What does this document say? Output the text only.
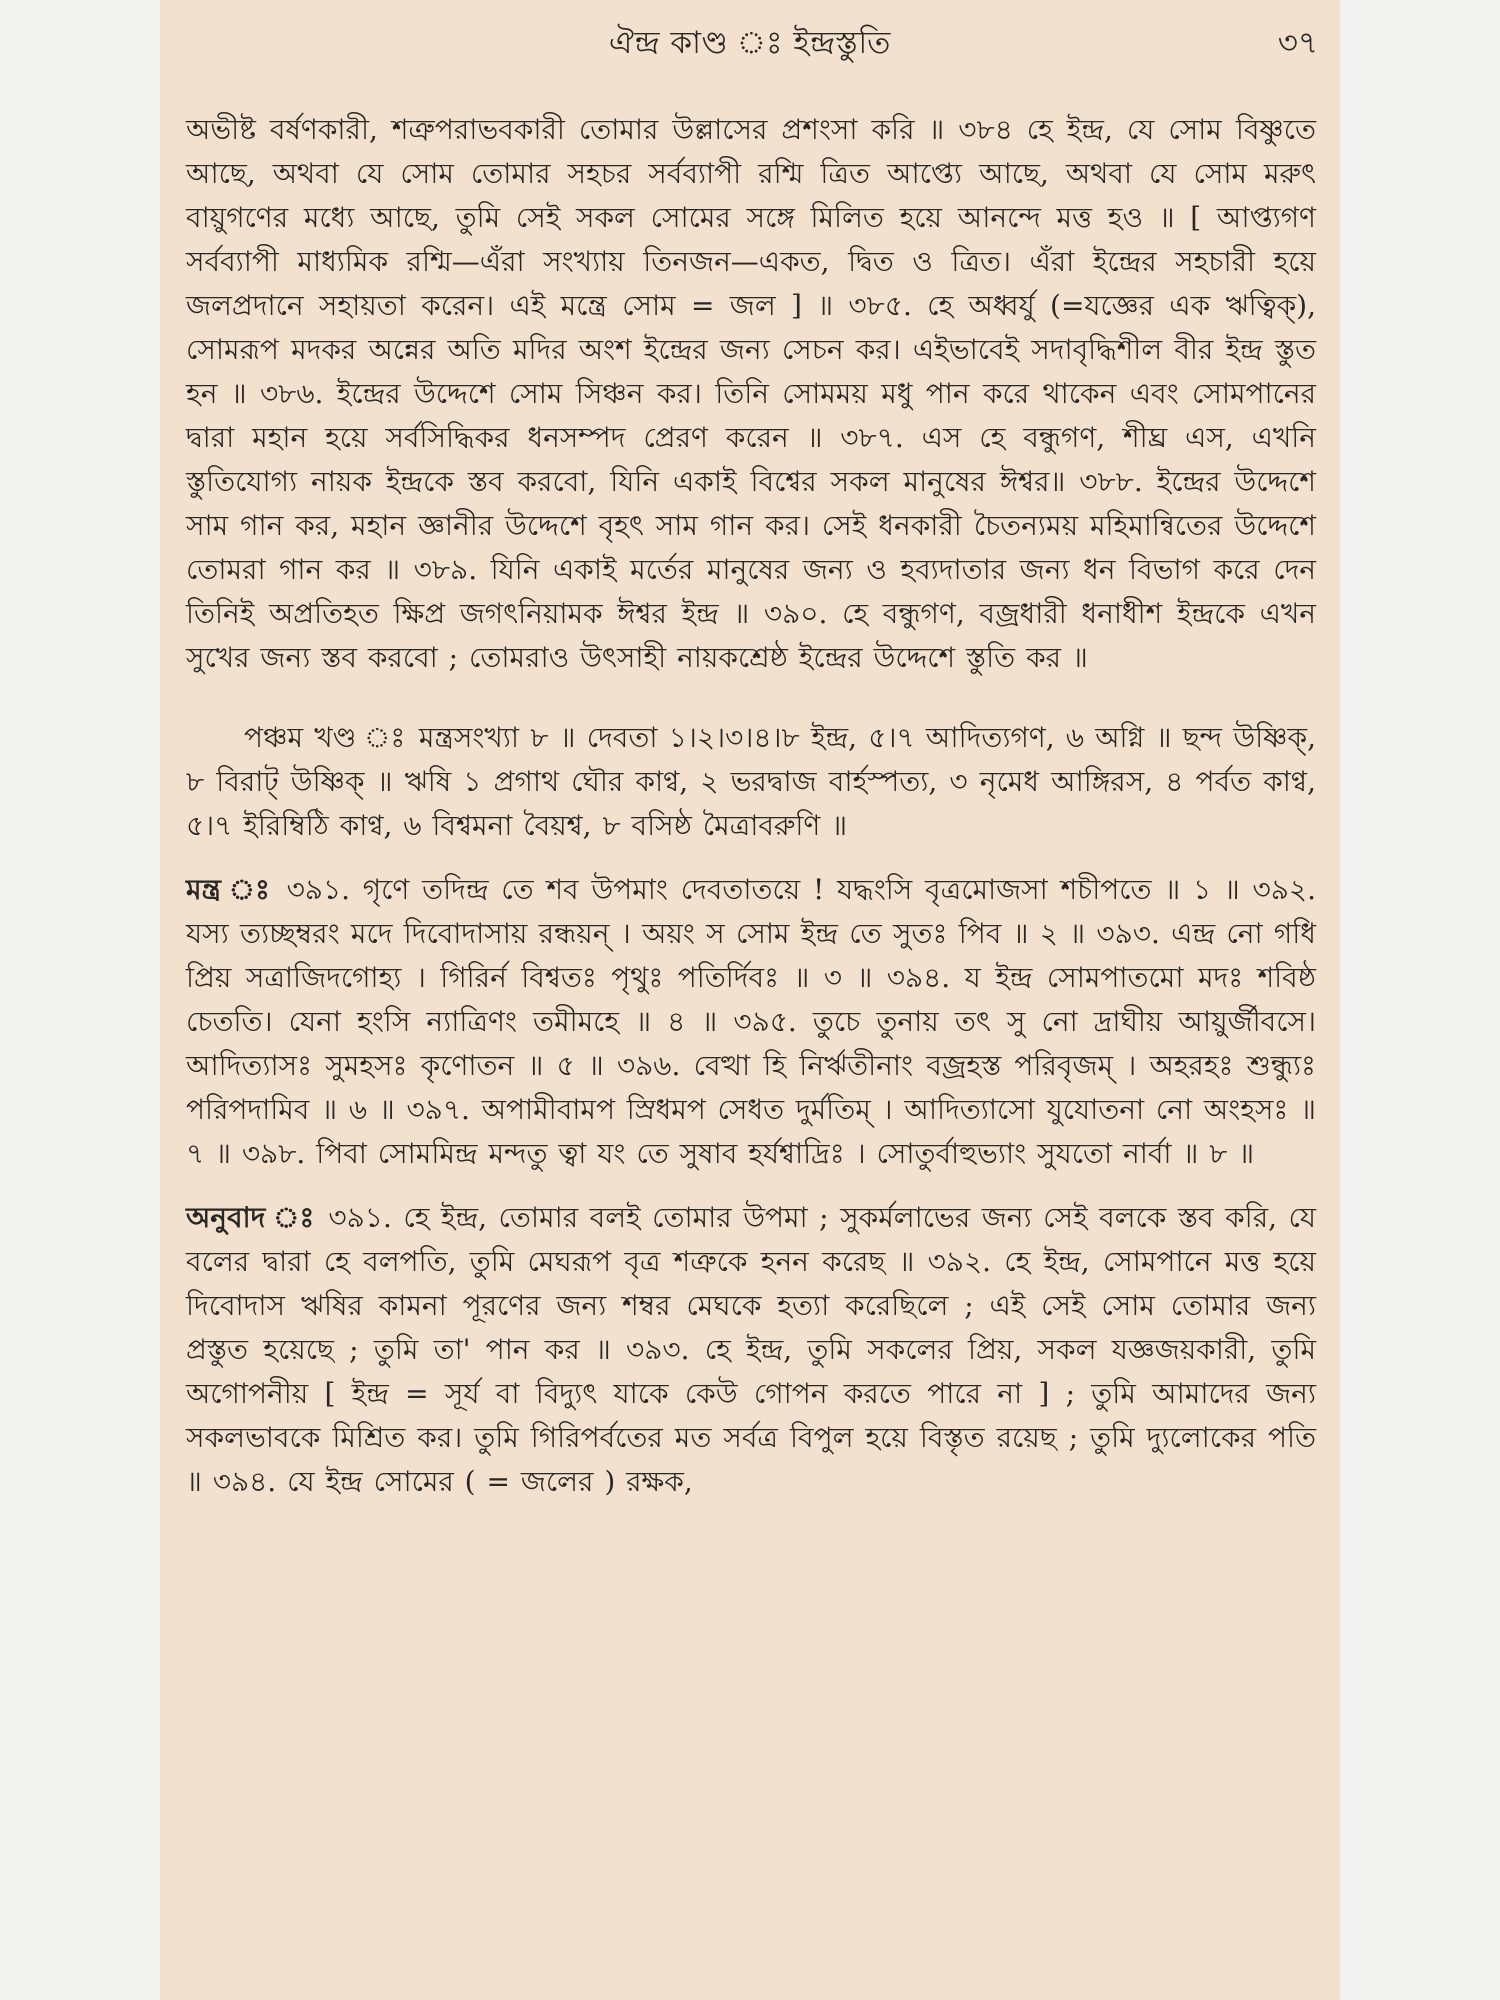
ঐন্দ্র কাণ্ড ঃ ইন্দ্রস্তুতি	৩৭

অভীষ্ট বর্ষণকারী, শত্রুপরাভবকারী তোমার উল্লাসের প্রশংসা করি ॥ ৩৮৪ হে ইন্দ্র, যে সোম বিষ্ণুতে আছে, অথবা যে সোম তোমার সহচর সর্বব্যাপী রশ্মি ত্রিত আপ্ত্যে আছে, অথবা যে সোম মরুৎ বায়ুগণের মধ্যে আছে, তুমি সেই সকল সোমের সঙ্গে মিলিত হয়ে আনন্দে মত্ত হও ॥ [ আপ্ত্যগণ সর্বব্যাপী মাধ্যমিক রশ্মি—এঁরা সংখ্যায় তিনজন—একত, দ্বিত ও ত্রিত। এঁরা ইন্দ্রের সহচারী হয়ে জলপ্রদানে সহায়তা করেন। এই মন্ত্রে সোম = জল ] ॥ ৩৮৫. হে অধ্বর্যু (=যজ্ঞের এক ঋত্বিক্), সোমরূপ মদকর অন্নের অতি মদির অংশ ইন্দ্রের জন্য সেচন কর। এইভাবেই সদাবৃদ্ধিশীল বীর ইন্দ্র স্তুত হন ॥ ৩৮৬. ইন্দ্রের উদ্দেশে সোম সিঞ্চন কর। তিনি সোমময় মধু পান করে থাকেন এবং সোমপানের দ্বারা মহান হয়ে সর্বসিদ্ধিকর ধনসম্পদ প্রেরণ করেন ॥ ৩৮৭. এস হে বন্ধুগণ, শীঘ্র এস, এখনি স্তুতিযোগ্য নায়ক ইন্দ্রকে স্তব করবো, যিনি একাই বিশ্বের সকল মানুষের ঈশ্বর॥ ৩৮৮. ইন্দ্রের উদ্দেশে সাম গান কর, মহান জ্ঞানীর উদ্দেশে বৃহৎ সাম গান কর। সেই ধনকারী চৈতন্যময় মহিমান্বিতের উদ্দেশে তোমরা গান কর ॥ ৩৮৯. যিনি একাই মর্তের মানুষের জন্য ও হব্যদাতার জন্য ধন বিভাগ করে দেন তিনিই অপ্রতিহত ক্ষিপ্র জগৎনিয়ামক ঈশ্বর ইন্দ্র ॥ ৩৯০. হে বন্ধুগণ, বজ্রধারী ধনাধীশ ইন্দ্রকে এখন সুখের জন্য স্তব করবো ; তোমরাও উৎসাহী নায়কশ্রেষ্ঠ ইন্দ্রের উদ্দেশে স্তুতি কর ॥

পঞ্চম খণ্ড ঃ মন্ত্রসংখ্যা ৮ ॥ দেবতা ১।২।৩।৪।৮ ইন্দ্র, ৫।৭ আদিত্যগণ, ৬ অগ্নি ॥ ছন্দ উষ্ণিক্, ৮ বিরাট্ উষ্ণিক্ ॥ ঋষি ১ প্রগাথ ঘৌর কাণ্ব, ২ ভরদ্বাজ বার্হস্পত্য, ৩ নৃমেধ আঙ্গিরস, ৪ পর্বত কাণ্ব, ৫।৭ ইরিম্বিঠি কাণ্ব, ৬ বিশ্বমনা বৈয়শ্ব, ৮ বসিষ্ঠ মৈত্রাবরুণি ॥

মন্ত্র ঃ ৩৯১. গৃণে তদিন্দ্র তে শব উপমাং দেবতাতয়ে ! যদ্ধংসি বৃত্রমোজসা শচীপতে ॥ ১ ॥ ৩৯২. যস্য ত্যচ্ছম্বরং মদে দিবোদাসায় রন্ধয়ন্ । অয়ং স সোম ইন্দ্র তে সুতঃ পিব ॥ ২ ॥ ৩৯৩. এন্দ্র নো গধি প্রিয় সত্রাজিদগোহ্য । গিরির্ন বিশ্বতঃ পৃথুঃ পতির্দিবঃ ॥ ৩ ॥ ৩৯৪. য ইন্দ্র সোমপাতমো মদঃ শবিষ্ঠ চেততি। যেনা হংসি ন্যাত্রিণং তমীমহে ॥ ৪ ॥ ৩৯৫. তুচে তুনায় তৎ সু নো দ্রাঘীয় আয়ুর্জীবসে। আদিত্যাসঃ সুমহসঃ কৃণোতন ॥ ৫ ॥ ৩৯৬. বেত্থা হি নির্ঋতীনাং বজ্রহস্ত পরিবৃজম্ । অহরহঃ শুন্ধ্যুঃ পরিপদামিব ॥ ৬ ॥ ৩৯৭. অপামীবামপ স্রিধমপ সেধত দুর্মতিম্ । আদিত্যাসো যুযোতনা নো অংহসঃ ॥ ৭ ॥ ৩৯৮. পিবা সোমমিন্দ্র মন্দতু ত্বা যং তে সুষাব হর্যশ্বাদ্রিঃ । সোতুর্বাহুভ্যাং সুযতো নার্বা ॥ ৮ ॥

অনুবাদ ঃ ৩৯১. হে ইন্দ্র, তোমার বলই তোমার উপমা ; সুকর্মলাভের জন্য সেই বলকে স্তব করি, যে বলের দ্বারা হে বলপতি, তুমি মেঘরূপ বৃত্র শত্রুকে হনন করেছ ॥ ৩৯২. হে ইন্দ্র, সোমপানে মত্ত হয়ে দিবোদাস ঋষির কামনা পূরণের জন্য শম্বর মেঘকে হত্যা করেছিলে ; এই সেই সোম তোমার জন্য প্রস্তুত হয়েছে ; তুমি তা' পান কর ॥ ৩৯৩. হে ইন্দ্র, তুমি সকলের প্রিয়, সকল যজ্ঞজয়কারী, তুমি অগোপনীয় [ ইন্দ্র = সূর্য বা বিদ্যুৎ যাকে কেউ গোপন করতে পারে না ] ; তুমি আমাদের জন্য সকলভাবকে মিশ্রিত কর। তুমি গিরিপর্বতের মত সর্বত্র বিপুল হয়ে বিস্তৃত রয়েছ ; তুমি দ্যুলোকের পতি ॥ ৩৯৪. যে ইন্দ্র সোমের ( = জলের ) রক্ষক,
